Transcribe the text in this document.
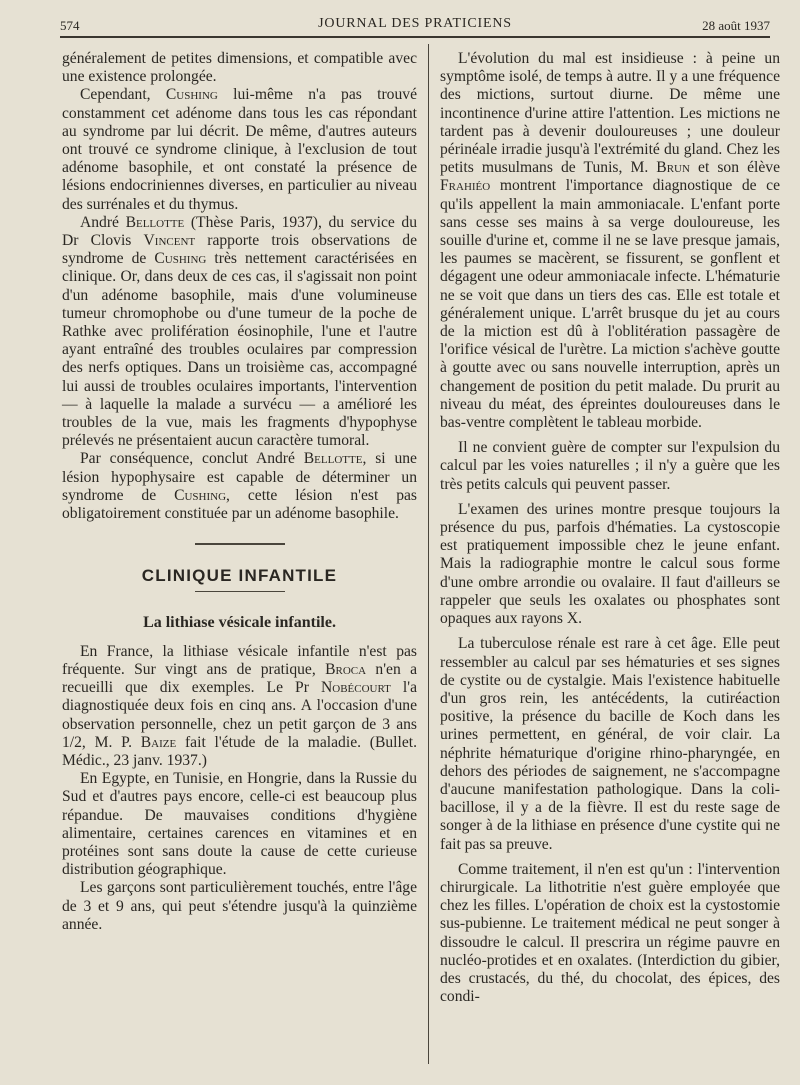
574	JOURNAL DES PRATICIENS	28 août 1937

généralement de petites dimensions, et compatible avec une existence prolongée.

Cependant, Cushing lui-même n'a pas trouvé constamment cet adénome dans tous les cas répondant au syndrome par lui décrit. De même, d'autres auteurs ont trouvé ce syndrome clinique, à l'exclusion de tout adénome basophile, et ont constaté la présence de lésions endocriniennes diverses, en particulier au niveau des surrénales et du thymus.

André Bellotte (Thèse Paris, 1937), du service du Dr Clovis Vincent rapporte trois observations de syndrome de Cushing très nettement caractérisées en clinique. Or, dans deux de ces cas, il s'agissait non point d'un adénome basophile, mais d'une volumineuse tumeur chromophobe ou d'une tumeur de la poche de Rathke avec prolifération éosinophile, l'une et l'autre ayant entraîné des troubles oculaires par compression des nerfs optiques. Dans un troisième cas, accompagné lui aussi de troubles oculaires importants, l'intervention — à laquelle la malade a survécu — a amélioré les troubles de la vue, mais les fragments d'hypophyse prélevés ne présentaient aucun caractère tumoral.

Par conséquence, conclut André Bellotte, si une lésion hypophysaire est capable de déterminer un syndrome de Cushing, cette lésion n'est pas obligatoirement constituée par un adénome basophile.

CLINIQUE INFANTILE
La lithiase vésicale infantile.

En France, la lithiase vésicale infantile n'est pas fréquente. Sur vingt ans de pratique, Broca n'en a recueilli que dix exemples. Le Pr Nobécourt l'a diagnostiquée deux fois en cinq ans. A l'occasion d'une observation personnelle, chez un petit garçon de 3 ans 1/2, M. P. Baize fait l'étude de la maladie. (Bullet. Médic., 23 janv. 1937.)

En Egypte, en Tunisie, en Hongrie, dans la Russie du Sud et d'autres pays encore, celle-ci est beaucoup plus répandue. De mauvaises conditions d'hygiène alimentaire, certaines carences en vitamines et en protéines sont sans doute la cause de cette curieuse distribution géographique.

Les garçons sont particulièrement touchés, entre l'âge de 3 et 9 ans, qui peut s'étendre jusqu'à la quinzième année.

L'évolution du mal est insidieuse : à peine un symptôme isolé, de temps à autre. Il y a une fréquence des mictions, surtout diurne. De même une incontinence d'urine attire l'attention. Les mictions ne tardent pas à devenir douloureuses ; une douleur périnéale irradie jusqu'à l'extrémité du gland. Chez les petits musulmans de Tunis, M. Brun et son élève Frahiéo montrent l'importance diagnostique de ce qu'ils appellent la main ammoniacale. L'enfant porte sans cesse ses mains à sa verge douloureuse, les souille d'urine et, comme il ne se lave presque jamais, les paumes se macèrent, se fissurent, se gonflent et dégagent une odeur ammoniacale infecte. L'hématurie ne se voit que dans un tiers des cas. Elle est totale et généralement unique. L'arrêt brusque du jet au cours de la miction est dû à l'oblitération passagère de l'orifice vésical de l'urètre. La miction s'achève goutte à goutte avec ou sans nouvelle interruption, après un changement de position du petit malade. Du prurit au niveau du méat, des épreintes douloureuses dans le bas-ventre complètent le tableau morbide.

Il ne convient guère de compter sur l'expulsion du calcul par les voies naturelles ; il n'y a guère que les très petits calculs qui peuvent passer.

L'examen des urines montre presque toujours la présence du pus, parfois d'hématies. La cystoscopie est pratiquement impossible chez le jeune enfant. Mais la radiographie montre le calcul sous forme d'une ombre arrondie ou ovalaire. Il faut d'ailleurs se rappeler que seuls les oxalates ou phosphates sont opaques aux rayons X.

La tuberculose rénale est rare à cet âge. Elle peut ressembler au calcul par ses hématuries et ses signes de cystite ou de cystalgie. Mais l'existence habituelle d'un gros rein, les antécédents, la cutiréaction positive, la présence du bacille de Koch dans les urines permettent, en général, de voir clair. La néphrite hématurique d'origine rhino-pharyngée, en dehors des périodes de saignement, ne s'accompagne d'aucune manifestation pathologique. Dans la coli-bacillose, il y a de la fièvre. Il est du reste sage de songer à de la lithiase en présence d'une cystite qui ne fait pas sa preuve.

Comme traitement, il n'en est qu'un : l'intervention chirurgicale. La lithotritie n'est guère employée que chez les filles. L'opération de choix est la cystostomie sus-pubienne. Le traitement médical ne peut songer à dissoudre le calcul. Il prescrira un régime pauvre en nucléo-protides et en oxalates. (Interdiction du gibier, des crustacés, du thé, du chocolat, des épices, des condi-
